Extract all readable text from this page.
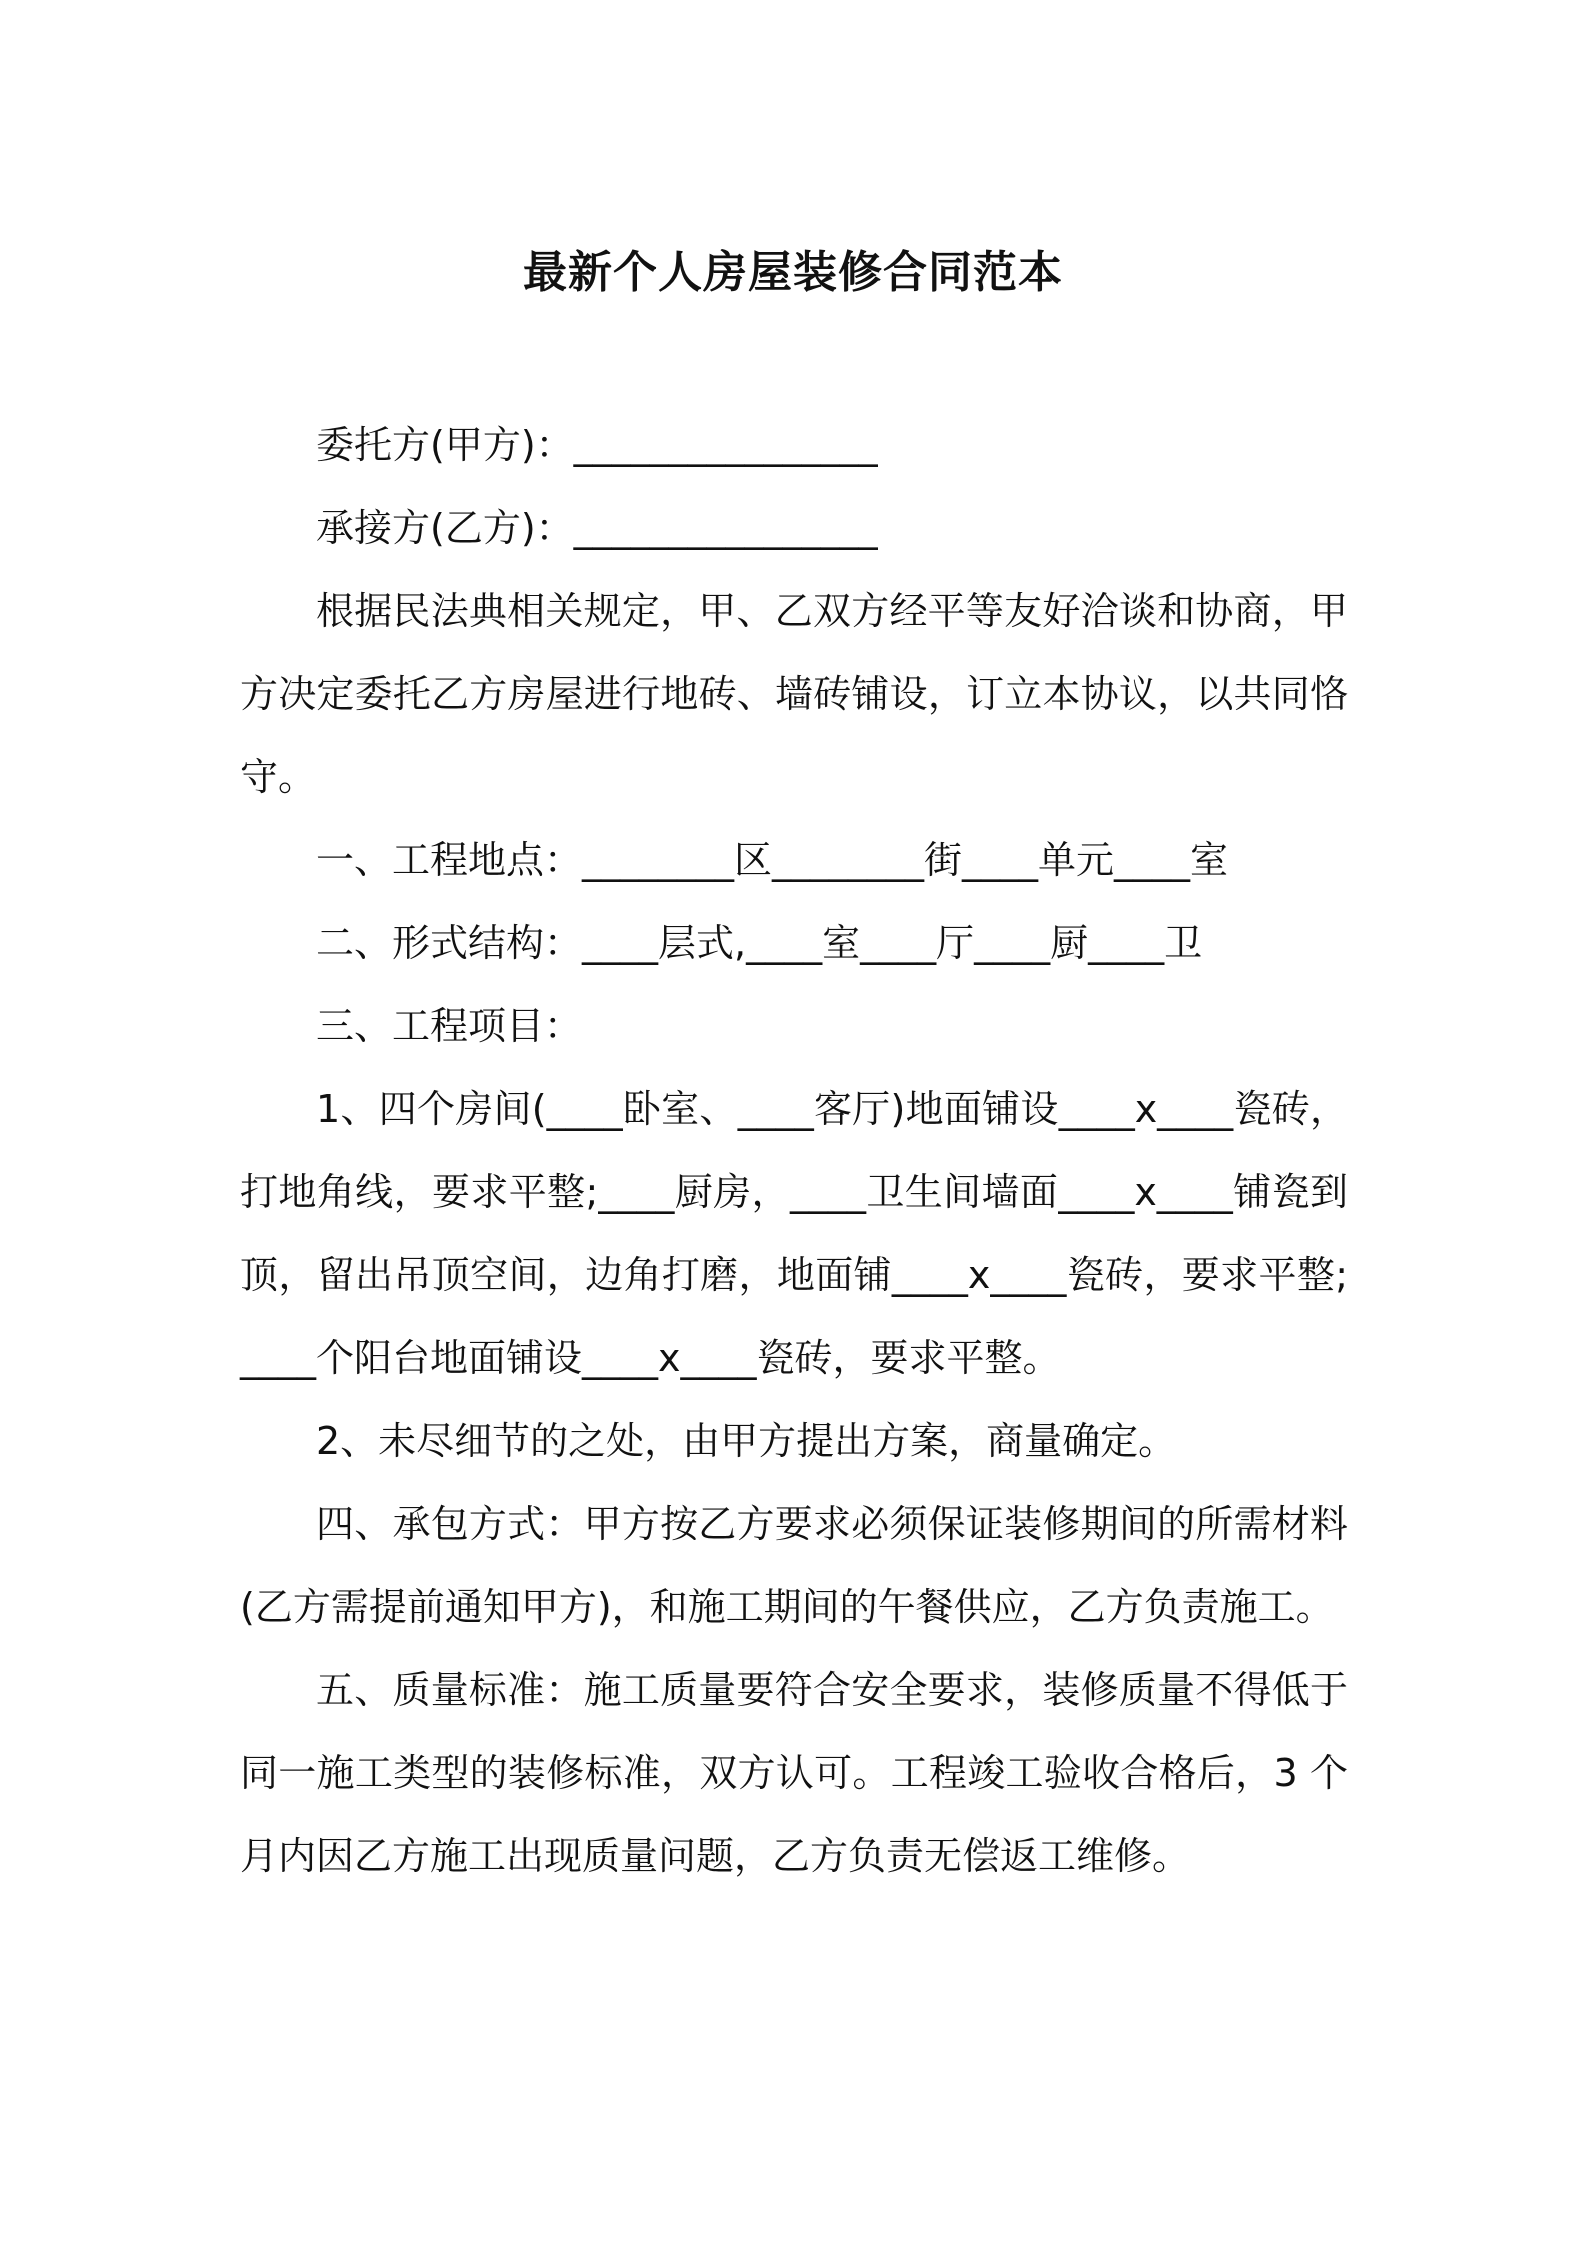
最新个人房屋装修合同范本

委托方(甲方)：________________

承接方(乙方)：________________

根据民法典相关规定，甲、乙双方经平等友好洽谈和协商，甲方决定委托乙方房屋进行地砖、墙砖铺设，订立本协议，以共同恪守。

一、工程地点：________区________街____单元____室

二、形式结构：____层式,____室____厅____厨____卫

三、工程项目：

1、四个房间(____卧室、____客厅)地面铺设____x____瓷砖，打地角线，要求平整;____厨房，____卫生间墙面____x____铺瓷到顶，留出吊顶空间，边角打磨，地面铺____x____瓷砖，要求平整;____个阳台地面铺设____x____瓷砖，要求平整。

2、未尽细节的之处，由甲方提出方案，商量确定。

四、承包方式：甲方按乙方要求必须保证装修期间的所需材料(乙方需提前通知甲方)，和施工期间的午餐供应，乙方负责施工。

五、质量标准：施工质量要符合安全要求，装修质量不得低于同一施工类型的装修标准，双方认可。工程竣工验收合格后，3 个月内因乙方施工出现质量问题，乙方负责无偿返工维修。
